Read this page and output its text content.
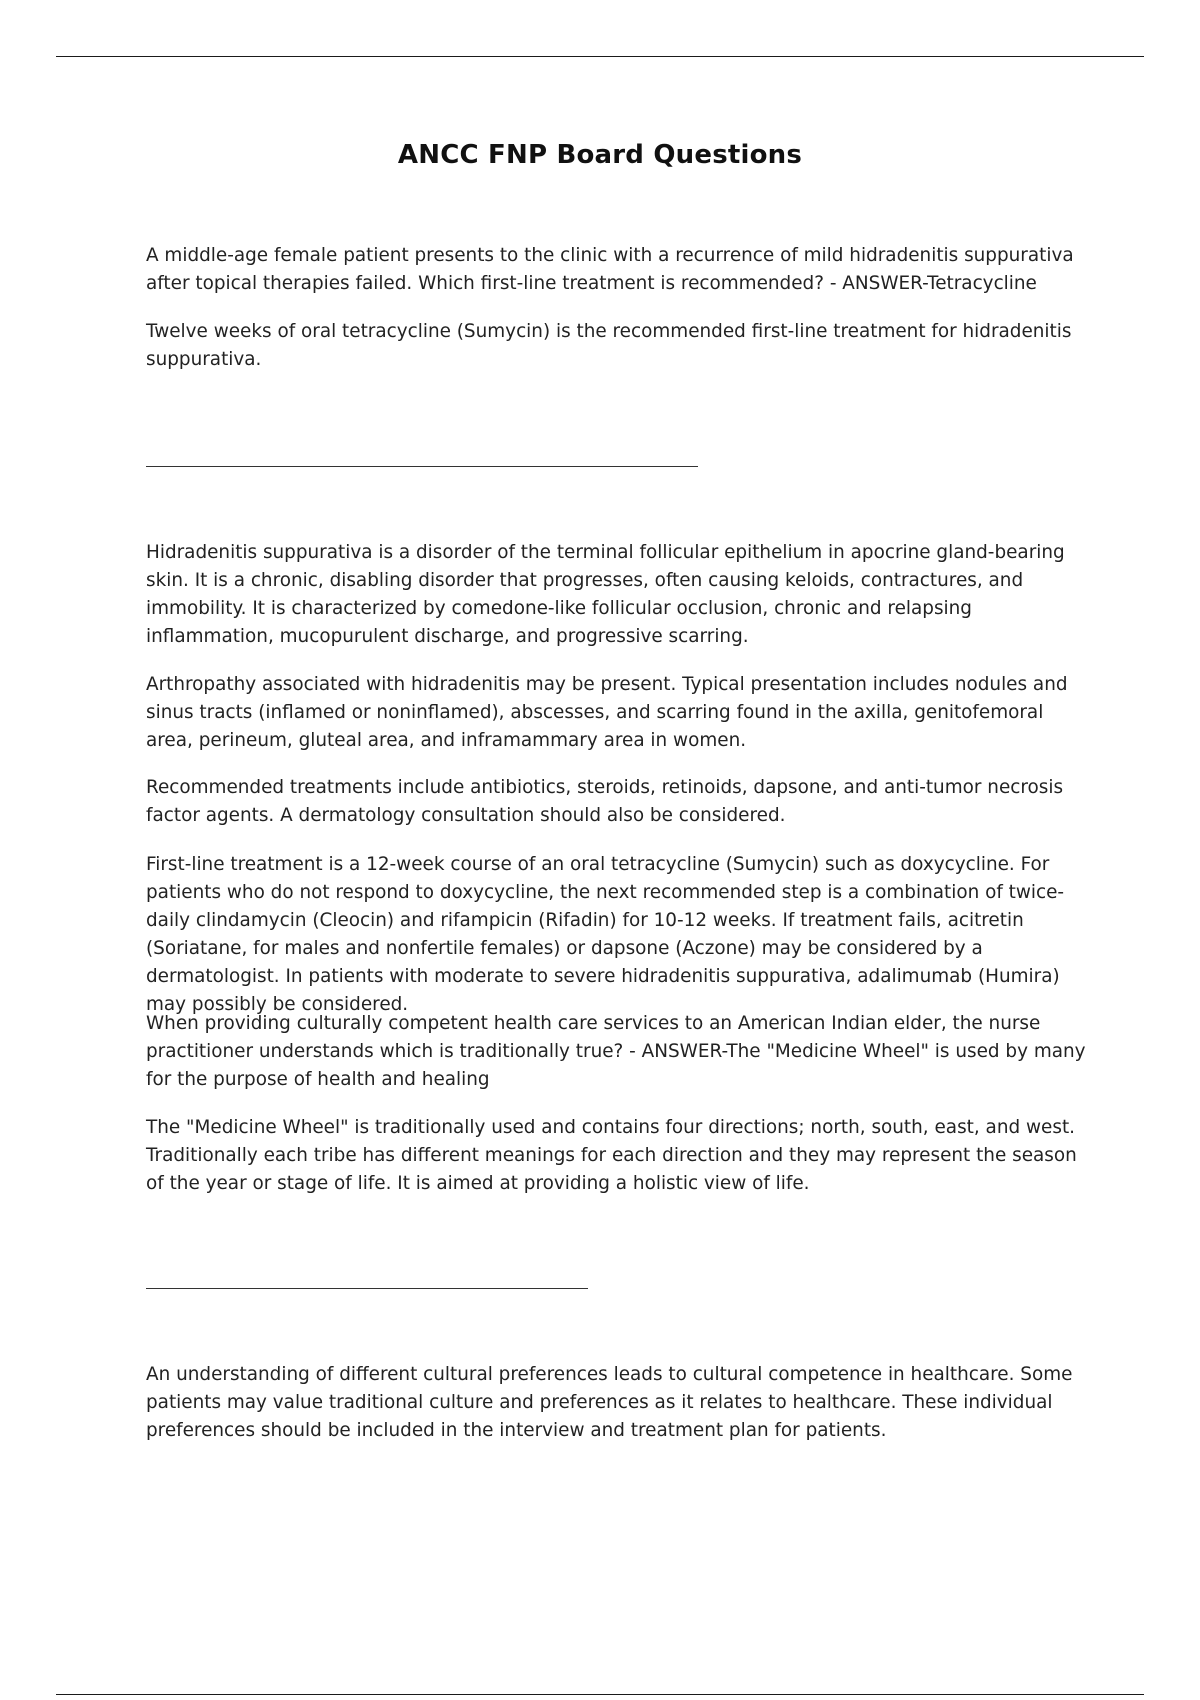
ANCC FNP Board Questions

A middle-age female patient presents to the clinic with a recurrence of mild hidradenitis suppurativa after topical therapies failed. Which first-line treatment is recommended? - ANSWER-Tetracycline

Twelve weeks of oral tetracycline (Sumycin) is the recommended first-line treatment for hidradenitis suppurativa.

Hidradenitis suppurativa is a disorder of the terminal follicular epithelium in apocrine gland-bearing skin. It is a chronic, disabling disorder that progresses, often causing keloids, contractures, and immobility. It is characterized by comedone-like follicular occlusion, chronic and relapsing inflammation, mucopurulent discharge, and progressive scarring.

Arthropathy associated with hidradenitis may be present. Typical presentation includes nodules and sinus tracts (inflamed or noninflamed), abscesses, and scarring found in the axilla, genitofemoral area, perineum, gluteal area, and inframammary area in women.

Recommended treatments include antibiotics, steroids, retinoids, dapsone, and anti-tumor necrosis factor agents. A dermatology consultation should also be considered.

First-line treatment is a 12-week course of an oral tetracycline (Sumycin) such as doxycycline. For patients who do not respond to doxycycline, the next recommended step is a combination of twice-daily clindamycin (Cleocin) and rifampicin (Rifadin) for 10-12 weeks. If treatment fails, acitretin (Soriatane, for males and nonfertile females) or dapsone (Aczone) may be considered by a dermatologist. In patients with moderate to severe hidradenitis suppurativa, adalimumab (Humira) may possibly be considered.

When providing culturally competent health care services to an American Indian elder, the nurse practitioner understands which is traditionally true? - ANSWER-The "Medicine Wheel" is used by many for the purpose of health and healing

The "Medicine Wheel" is traditionally used and contains four directions; north, south, east, and west. Traditionally each tribe has different meanings for each direction and they may represent the season of the year or stage of life. It is aimed at providing a holistic view of life.

An understanding of different cultural preferences leads to cultural competence in healthcare. Some patients may value traditional culture and preferences as it relates to healthcare. These individual preferences should be included in the interview and treatment plan for patients.
